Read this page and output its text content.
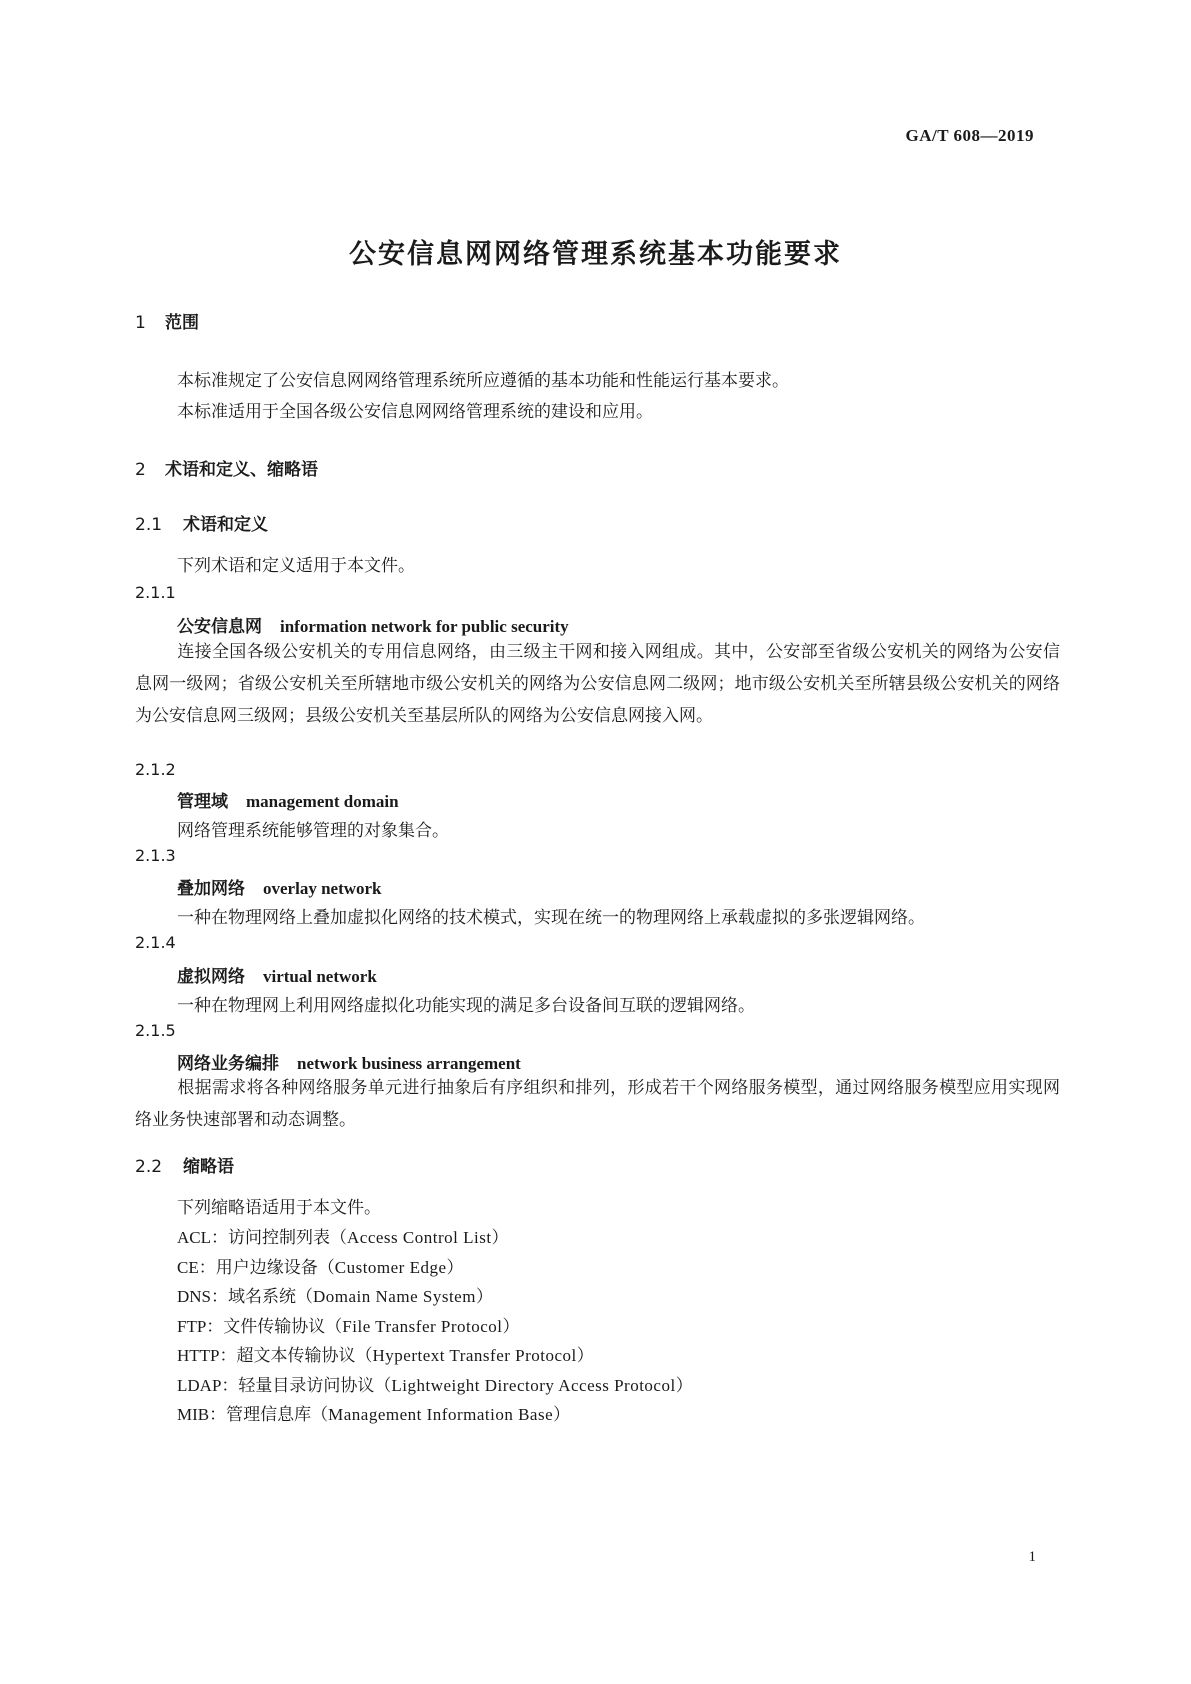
GA/T 608—2019
公安信息网网络管理系统基本功能要求
1 范围
本标准规定了公安信息网网络管理系统所应遵循的基本功能和性能运行基本要求。
本标准适用于全国各级公安信息网网络管理系统的建设和应用。
2 术语和定义、缩略语
2.1 术语和定义
下列术语和定义适用于本文件。
2.1.1
公安信息网 information network for public security
连接全国各级公安机关的专用信息网络，由三级主干网和接入网组成。其中，公安部至省级公安机关的网络为公安信息网一级网；省级公安机关至所辖地市级公安机关的网络为公安信息网二级网；地市级公安机关至所辖县级公安机关的网络为公安信息网三级网；县级公安机关至基层所队的网络为公安信息网接入网。
2.1.2
管理域 management domain
网络管理系统能够管理的对象集合。
2.1.3
叠加网络 overlay network
一种在物理网络上叠加虚拟化网络的技术模式，实现在统一的物理网络上承载虚拟的多张逻辑网络。
2.1.4
虚拟网络 virtual network
一种在物理网上利用网络虚拟化功能实现的满足多台设备间互联的逻辑网络。
2.1.5
网络业务编排 network business arrangement
根据需求将各种网络服务单元进行抽象后有序组织和排列，形成若干个网络服务模型，通过网络服务模型应用实现网络业务快速部署和动态调整。
2.2 缩略语
下列缩略语适用于本文件。
ACL：访问控制列表（Access Control List）
CE：用户边缘设备（Customer Edge）
DNS：域名系统（Domain Name System）
FTP：文件传输协议（File Transfer Protocol）
HTTP：超文本传输协议（Hypertext Transfer Protocol）
LDAP：轻量目录访问协议（Lightweight Directory Access Protocol）
MIB：管理信息库（Management Information Base）
1
